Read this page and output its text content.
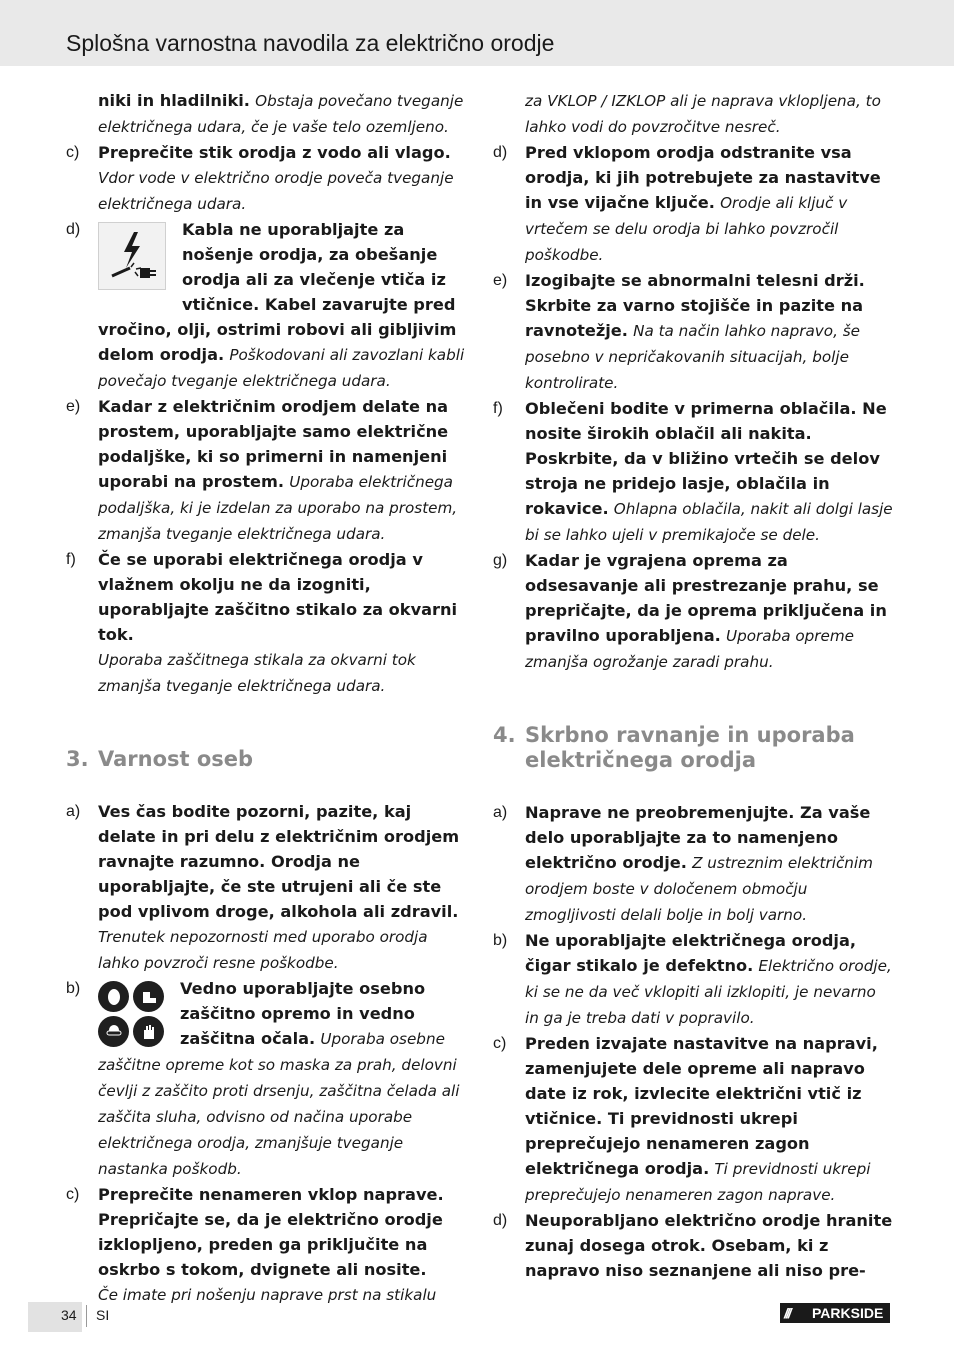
Splošna varnostna navodila za električno orodje
niki in hladilniki. Obstaja povečano tveganje električnega udara, če je vaše telo ozemljeno.
c) Preprečite stik orodja z vodo ali vlago.
Vdor vode v električno orodje poveča tveganje električnega udara.
d)	Kabla ne uporabljajte za nošenje orodja, za obešanje orodja ali za vlečenje vtiča iz vtičnice. Kabel zavarujte pred vročino, olji, ostrimi robovi ali gibljivim delom orodja. Poškodovani ali zavozlani kabli povečajo tveganje električnega udara.
e) Kadar z električnim orodjem delate na prostem, uporabljajte samo električne podaljške, ki so primerni in namenjeni uporabi na prostem. Uporaba električnega podaljška, ki je izdelan za uporabo na prostem, zmanjša tveganje električnega udara.
f) Če se uporabi električnega orodja v vlažnem okolju ne da izogniti, uporabljajte zaščitno stikalo za okvarni tok.
Uporaba zaščitnega stikala za okvarni tok zmanjša tveganje električnega udara.
3. Varnost oseb
a) Ves čas bodite pozorni, pazite, kaj delate in pri delu z električnim orodjem ravnajte razumno. Orodja ne uporabljajte, če ste utrujeni ali če ste pod vplivom droge, alkohola ali zdravil.
Trenutek nepozornosti med uporabo orodja lahko povzroči resne poškodbe.
b)	Vedno uporabljajte osebno zaščitno opremo in vedno zaščitna očala. Uporaba osebne zaščitne opreme kot so maska za prah, delovni čevlji z zaščito proti drsenju, zaščitna čelada ali zaščita sluha, odvisno od načina uporabe električnega orodja, zmanjšuje tveganje nastanka poškodb.
c) Preprečite nenameren vklop naprave. Prepričajte se, da je električno orodje izklopljeno, preden ga priključite na oskrbo s tokom, dvignete ali nosite.
Če imate pri nošenju naprave prst na stikalu
za VKLOP / IZKLOP ali je naprava vklopljena, to lahko vodi do povzročitve nesreč.
d) Pred vklopom orodja odstranite vsa orodja, ki jih potrebujete za nastavitve in vse vijačne ključe. Orodje ali ključ v vrtečem se delu orodja bi lahko povzročil poškodbe.
e) Izogibajte se abnormalni telesni drži. Skrbite za varno stojišče in pazite na ravnotežje. Na ta način lahko napravo, še posebno v nepričakovanih situacijah, bolje kontrolirate.
f) Oblečeni bodite v primerna oblačila. Ne nosite širokih oblačil ali nakita. Poskrbite, da v bližino vrtečih se delov stroja ne pridejo lasje, oblačila in rokavice. Ohlapna oblačila, nakit ali dolgi lasje bi se lahko ujeli v premikajoče se dele.
g) Kadar je vgrajena oprema za odsesavanje ali prestrezanje prahu, se prepričajte, da je oprema priključena in pravilno uporabljena. Uporaba opreme zmanjša ogrožanje zaradi prahu.
4. Skrbno ravnanje in uporaba električnega orodja
a) Naprave ne preobremenjujte. Za vaše delo uporabljajte za to namenjeno električno orodje. Z ustreznim električnim orodjem boste v določenem območju zmogljivosti delali bolje in bolj varno.
b) Ne uporabljajte električnega orodja, čigar stikalo je defektno. Električno orodje, ki se ne da več vklopiti ali izklopiti, je nevarno in ga je treba dati v popravilo.
c) Preden izvajate nastavitve na napravi, zamenjujete dele opreme ali napravo date iz rok, izvlecite električni vtič iz vtičnice. Ti previdnosti ukrepi preprečujejo nenameren zagon električnega orodja. Ti previdnosti ukrepi preprečujejo nenameren zagon naprave.
d) Neuporabljano električno orodje hranite zunaj dosega otrok. Osebam, ki z napravo niso seznanjene ali niso pre-
34 SI	///	PARKSIDE
